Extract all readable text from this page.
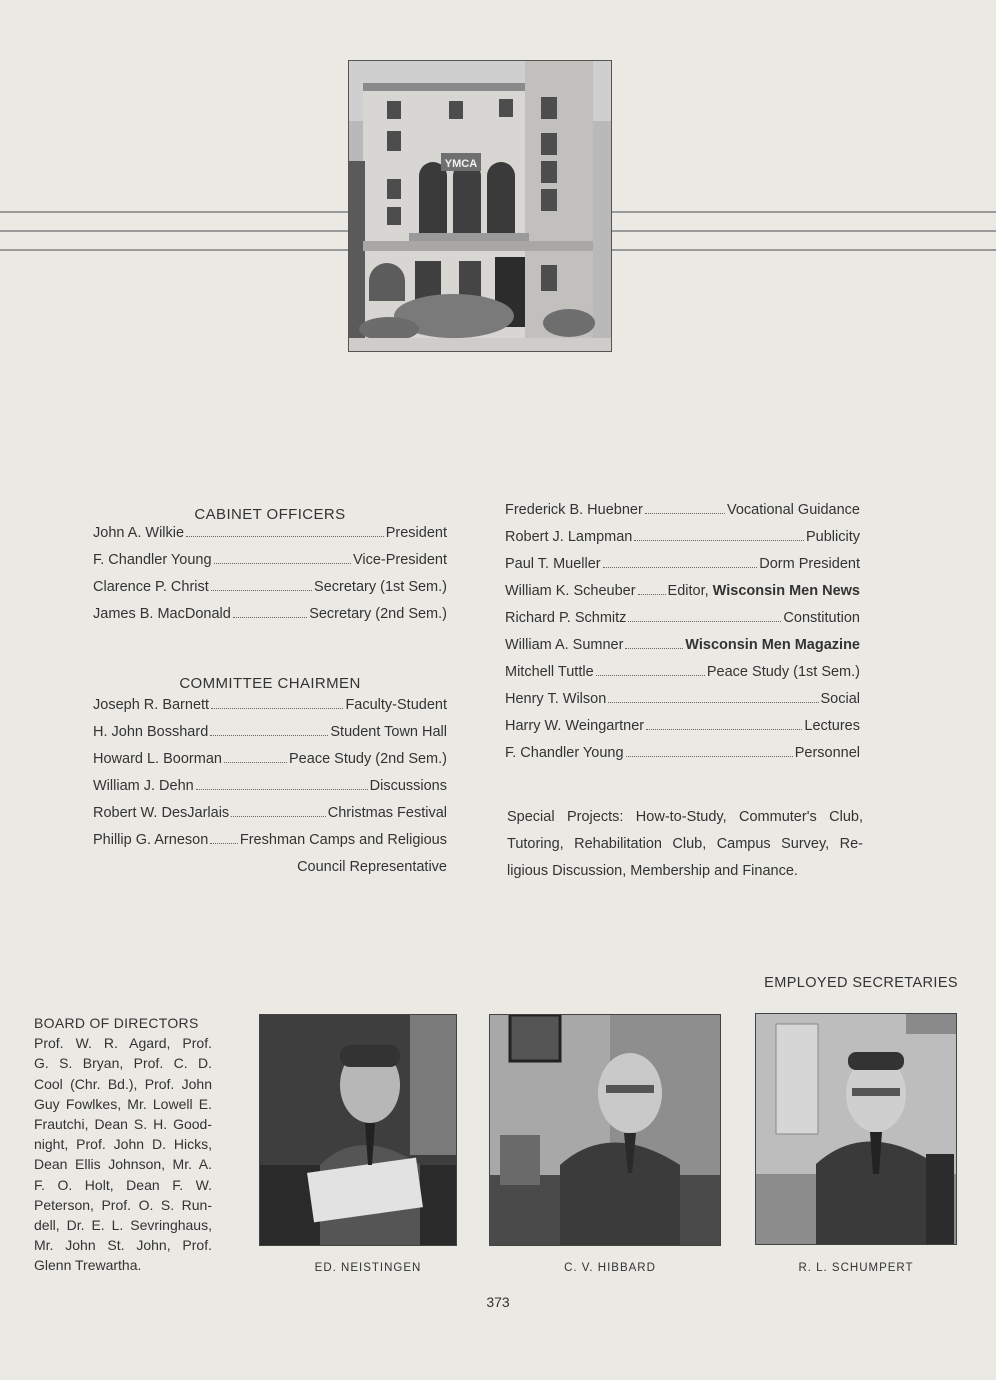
YMCA
CABINET OFFICERS
John A. Wilkie	President
F. Chandler Young	Vice-President
Clarence P. Christ	Secretary (1st Sem.)
James B. MacDonald	Secretary (2nd Sem.)
COMMITTEE CHAIRMEN
Joseph R. Barnett	Faculty-Student
H. John Bosshard	Student Town Hall
Howard L. Boorman	Peace Study (2nd Sem.)
William J. Dehn	Discussions
Robert W. DesJarlais	Christmas Festival
Phillip G. Arneson Freshman Camps and Religious
Council Representative
Frederick B. Huebner	Vocational Guidance
Robert J. Lampman	Publicity
Paul T. Mueller	Dorm President
William K. Scheuber Editor, Wisconsin Men News
Richard P. Schmitz	Constitution
William A. Sumner	Wisconsin Men Magazine
Mitchell Tuttle	Peace Study (1st Sem.)
Henry T. Wilson	Social
Harry W. Weingartner	Lectures
F. Chandler Young	Personnel
Special Projects: How-to-Study, Commuter's Club,
Tutoring, Rehabilitation Club, Campus Survey, Re-
ligious Discussion, Membership and Finance.
EMPLOYED SECRETARIES
BOARD OF DIRECTORS
Prof. W. R. Agard, Prof.
G. S. Bryan, Prof. C. D.
Cool (Chr. Bd.), Prof. John
Guy Fowlkes, Mr. Lowell E.
Frautchi, Dean S. H. Good-
night, Prof. John D. Hicks,
Dean Ellis Johnson, Mr. A.
F. O. Holt, Dean F. W.
Peterson, Prof. O. S. Run-
dell, Dr. E. L. Sevringhaus,
Mr. John St. John, Prof.
Glenn Trewartha.	ED. NEISTINGEN	C. V. HIBBARD	R. L. SCHUMPERT
373
